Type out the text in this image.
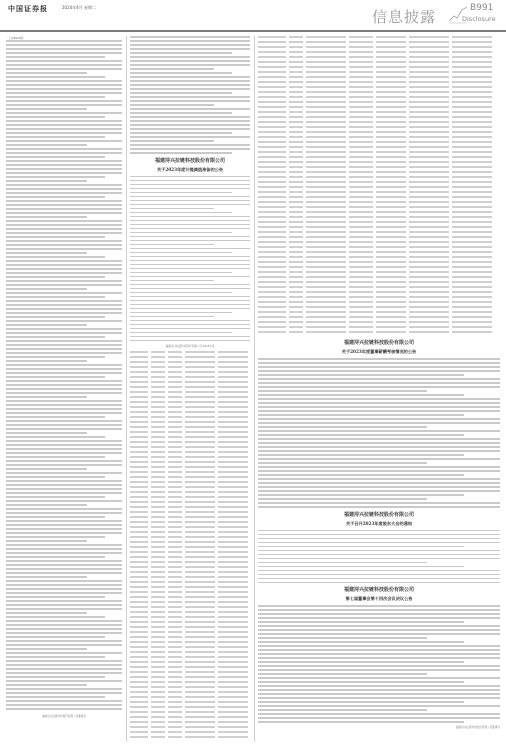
中国证券报	2024年4月 星期二
信息披露	B991
Disclosure
（上接B990版）
福建浔兴拉链科技股份有限公司董事会
福建浔兴拉链科技股份有限公司
关于2023年度计提减值准备的公告
福建浔兴拉链科技股份有限公司 2023年度
福建浔兴拉链科技股份有限公司
关于2023年度董事薪酬考核情况的公告
福建浔兴拉链科技股份有限公司
关于召开2023年度股东大会的通知
福建浔兴拉链科技股份有限公司
第七届董事会第十四次会议决议公告
福建浔兴拉链科技股份有限公司董事会
